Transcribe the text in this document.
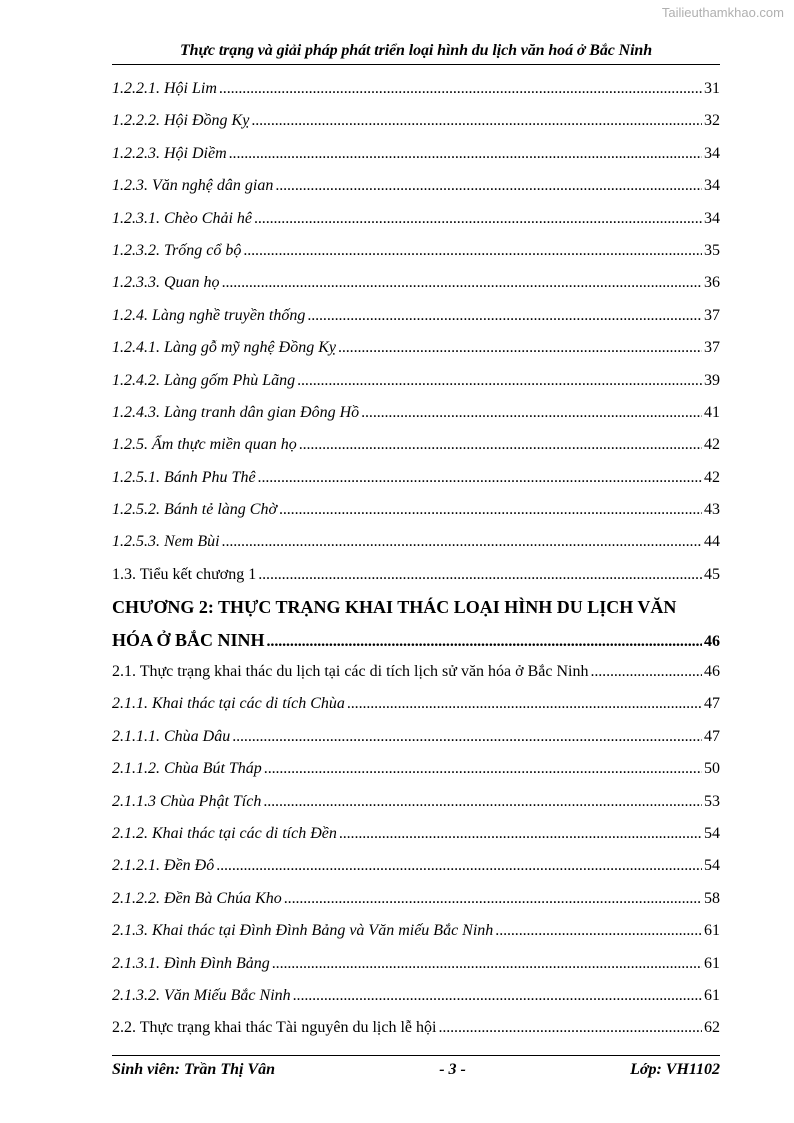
Tailieuthamkhao.com
Thực trạng và giải pháp phát triển loại hình du lịch văn hoá ở Bắc Ninh
1.2.2.1. Hội Lim . . .	31
1.2.2.2. Hội Đồng Kỵ . . .	32
1.2.2.3. Hội Diềm . . .	34
1.2.3. Văn nghệ dân gian . . .	34
1.2.3.1. Chèo Chải hê . . .	34
1.2.3.2. Trống cổ bộ . . .	35
1.2.3.3. Quan họ . . .	36
1.2.4. Làng nghề truyền thống . . .	37
1.2.4.1. Làng gỗ mỹ nghệ Đồng Kỵ . . .	37
1.2.4.2. Làng gốm Phù Lãng . . .	39
1.2.4.3. Làng tranh dân gian Đông Hồ . . .	41
1.2.5. Ẩm thực miền quan họ . . .	42
1.2.5.1. Bánh Phu Thê . . .	42
1.2.5.2. Bánh tẻ làng Chờ . . .	43
1.2.5.3. Nem Bùi . . .	44
1.3. Tiểu kết chương 1 . . .	45
CHƯƠNG 2: THỰC TRẠNG KHAI THÁC LOẠI HÌNH DU LỊCH VĂN
HÓA Ở BẮC NINH . . .	46
2.1. Thực trạng khai thác du lịch tại các di tích lịch sử văn hóa ở Bắc Ninh . . .	46
2.1.1. Khai thác tại các di tích Chùa . . .	47
2.1.1.1. Chùa Dâu . . .	47
2.1.1.2. Chùa Bút Tháp . . .	50
2.1.1.3 Chùa Phật Tích . . .	53
2.1.2. Khai thác tại các di tích Đền . . .	54
2.1.2.1. Đền Đô . . .	54
2.1.2.2. Đền Bà Chúa Kho . . .	58
2.1.3. Khai thác tại Đình Đình Bảng và Văn miếu Bắc Ninh . . .	61
2.1.3.1. Đình Đình Bảng . . .	61
2.1.3.2. Văn Miếu Bắc Ninh . . .	61
2.2. Thực trạng khai thác Tài nguyên du lịch lễ hội . . .	62
Sinh viên: Trần Thị Vân	- 3 -	Lớp: VH1102
